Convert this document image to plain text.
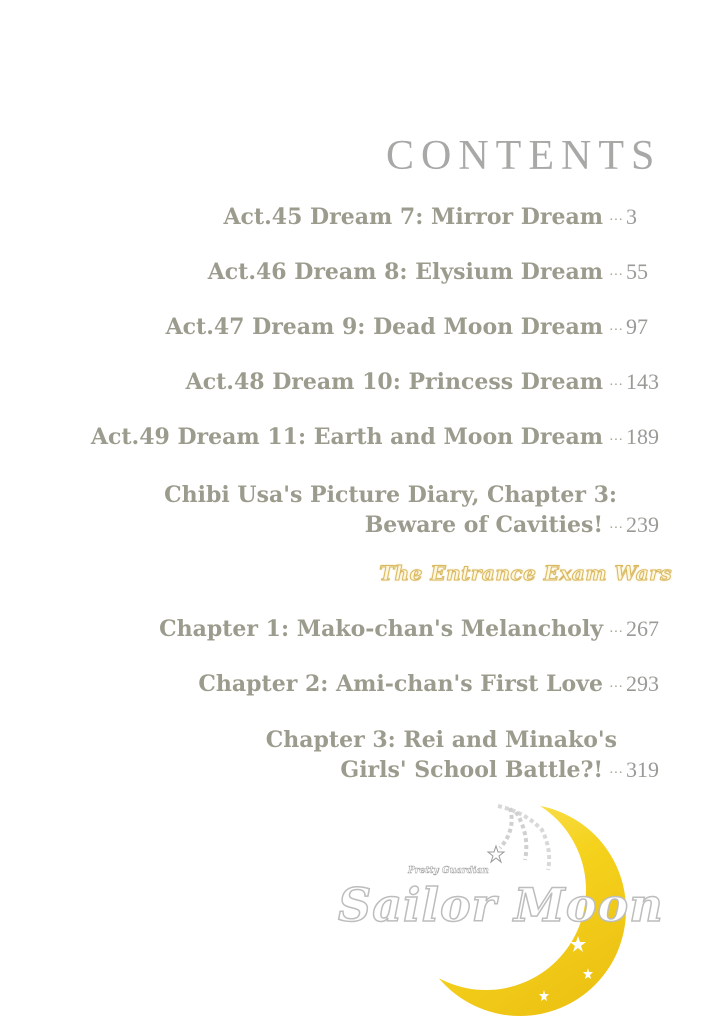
CONTENTS
Act.45 Dream 7: Mirror Dream ··· 3
Act.46 Dream 8: Elysium Dream ··· 55
Act.47 Dream 9: Dead Moon Dream ··· 97
Act.48 Dream 10: Princess Dream ··· 143
Act.49 Dream 11: Earth and Moon Dream ··· 189
Chibi Usa's Picture Diary, Chapter 3:
Beware of Cavities! ··· 239
The Entrance Exam Wars
Chapter 1: Mako-chan's Melancholy ··· 267
Chapter 2: Ami-chan's First Love ··· 293
Chapter 3: Rei and Minako's
Girls' School Battle?! ··· 319
Pretty Guardian
Sailor Moon
